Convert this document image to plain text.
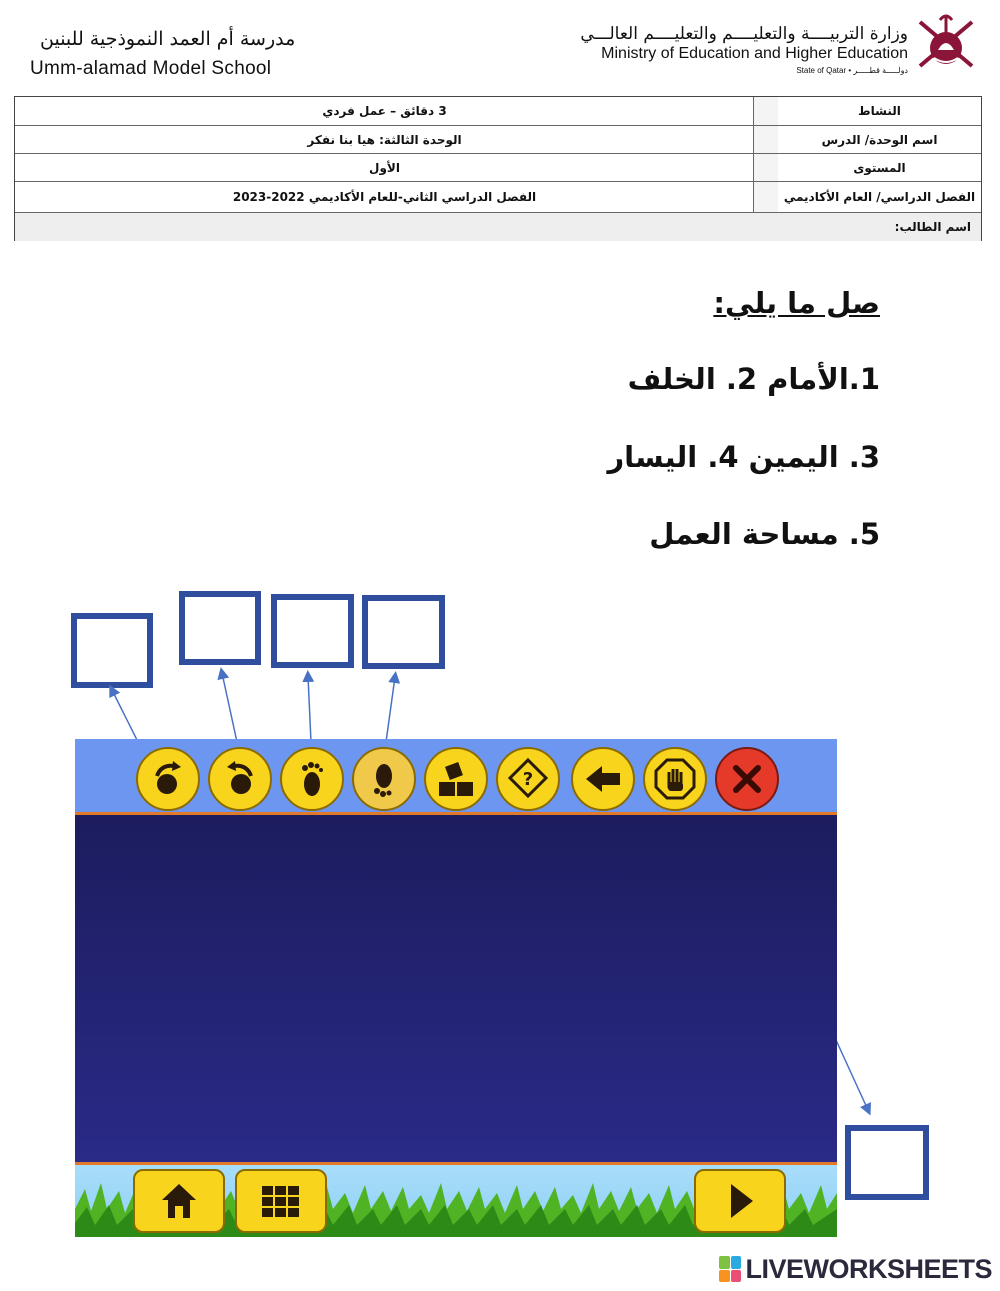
مدرسة أم العمد النموذجية للبنين
Umm-alamad Model School
وزارة التربيــــة والتعليــــم والتعليــــم العالـــي
Ministry of Education and Higher Education
State of Qatar • دولـــــة قطـــــر
النشاط
3 دقائق – عمل فردي
اسم الوحدة/ الدرس
الوحدة الثالثة: هيا بنا نفكر
المستوى
الأول
الفصل الدراسي/ العام الأكاديمي
الفصل الدراسي الثاني-للعام الأكاديمي 2022-2023
اسم الطالب:
صل ما يلي:
1.الأمام 2. الخلف
3. اليمين 4. اليسار
5. مساحة العمل
?
LIVEWORKSHEETS
